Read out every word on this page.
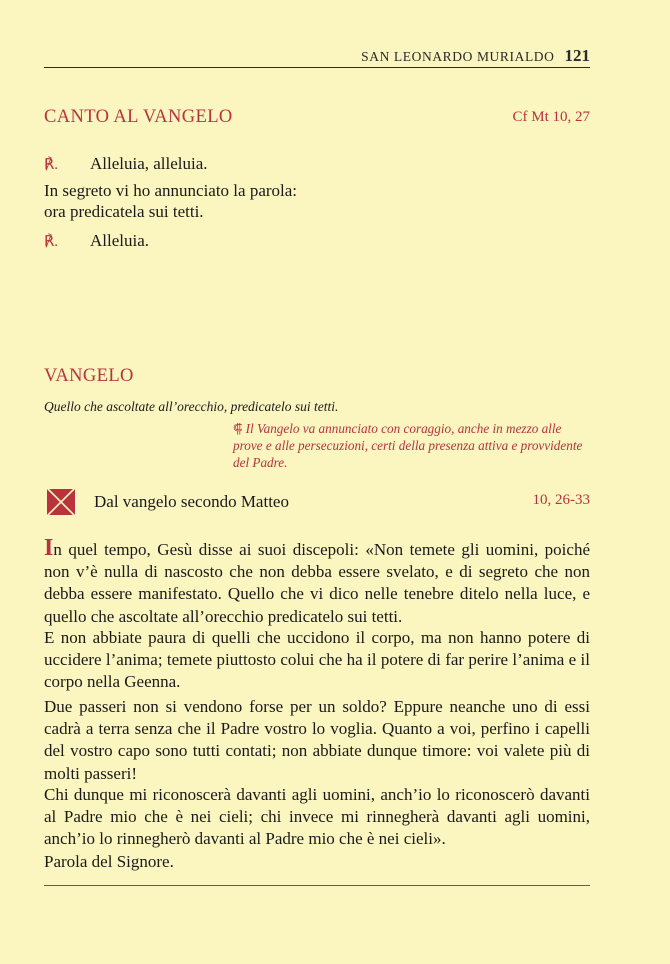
SAN LEONARDO MURIALDO 121
CANTO AL VANGELO	Cf Mt 10, 27
℟. Alleluia, alleluia.
In segreto vi ho annunciato la parola:
ora predicatela sui tetti.
℟. Alleluia.
VANGELO
Quello che ascoltate all’orecchio, predicatelo sui tetti.
⸿ Il Vangelo va annunciato con coraggio, anche in mezzo alle prove e alle persecuzioni, certi della presenza attiva e provvidente del Padre.
Dal vangelo secondo Matteo	10, 26-33

In quel tempo, Gesù disse ai suoi discepoli: «Non temete gli uomini, poiché non v’è nulla di nascosto che non debba essere svelato, e di segreto che non debba essere manifestato. Quello che vi dico nelle tenebre ditelo nella luce, e quello che ascoltate all’orecchio predicatelo sui tetti.

E non abbiate paura di quelli che uccidono il corpo, ma non hanno potere di uccidere l’anima; temete piuttosto colui che ha il potere di far perire l’anima e il corpo nella Geenna.

Due passeri non si vendono forse per un soldo? Eppure neanche uno di essi cadrà a terra senza che il Padre vostro lo voglia. Quanto a voi, perfino i capelli del vostro capo sono tutti contati; non abbiate dunque timore: voi valete più di molti passeri!

Chi dunque mi riconoscerà davanti agli uomini, anch’io lo riconoscerò davanti al Padre mio che è nei cieli; chi invece mi rinnegherà davanti agli uomini, anch’io lo rinnegherò davanti al Padre mio che è nei cieli».

Parola del Signore.
